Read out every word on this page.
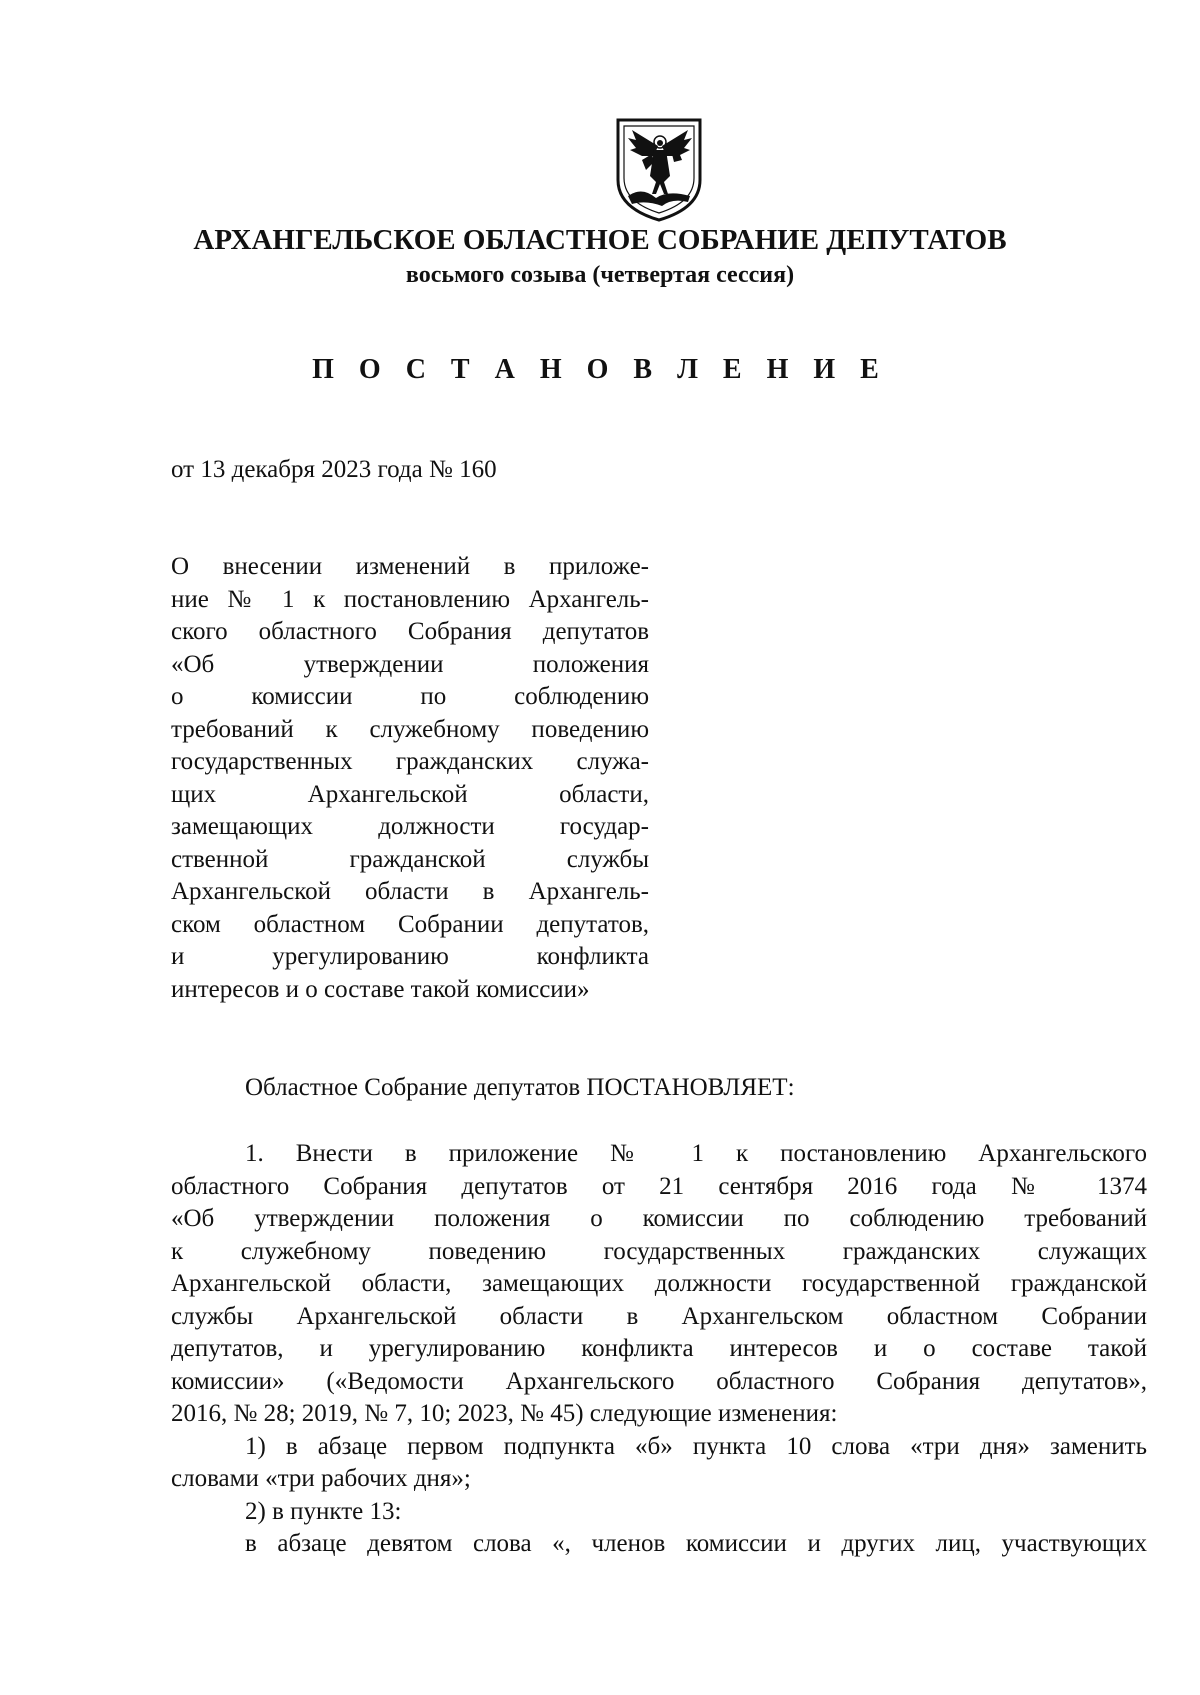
АРХАНГЕЛЬСКОЕ ОБЛАСТНОЕ СОБРАНИЕ ДЕПУТАТОВ
восьмого созыва (четвертая сессия)
П О С Т А Н О В Л Е Н И Е
от 13 декабря 2023 года № 160
О внесении изменений в приложе-
ние № 1 к постановлению Архангель-
ского областного Собрания депутатов
«Об утверждении положения
о комиссии по соблюдению
требований к служебному поведению
государственных гражданских служа-
щих Архангельской области,
замещающих должности государ-
ственной гражданской службы
Архангельской области в Архангель-
ском областном Собрании депутатов,
и урегулированию конфликта
интересов и о составе такой комиссии»
Областное Собрание депутатов ПОСТАНОВЛЯЕТ:

1. Внести в приложение № 1 к постановлению Архангельского
областного Собрания депутатов от 21 сентября 2016 года № 1374
«Об утверждении положения о комиссии по соблюдению требований
к служебному поведению государственных гражданских служащих
Архангельской области, замещающих должности государственной гражданской
службы Архангельской области в Архангельском областном Собрании
депутатов, и урегулированию конфликта интересов и о составе такой
комиссии» («Ведомости Архангельского областного Собрания депутатов»,
2016, № 28; 2019, № 7, 10; 2023, № 45) следующие изменения:

1) в абзаце первом подпункта «б» пункта 10 слова «три дня» заменить
словами «три рабочих дня»;

2) в пункте 13:

в абзаце девятом слова «, членов комиссии и других лиц, участвующих
